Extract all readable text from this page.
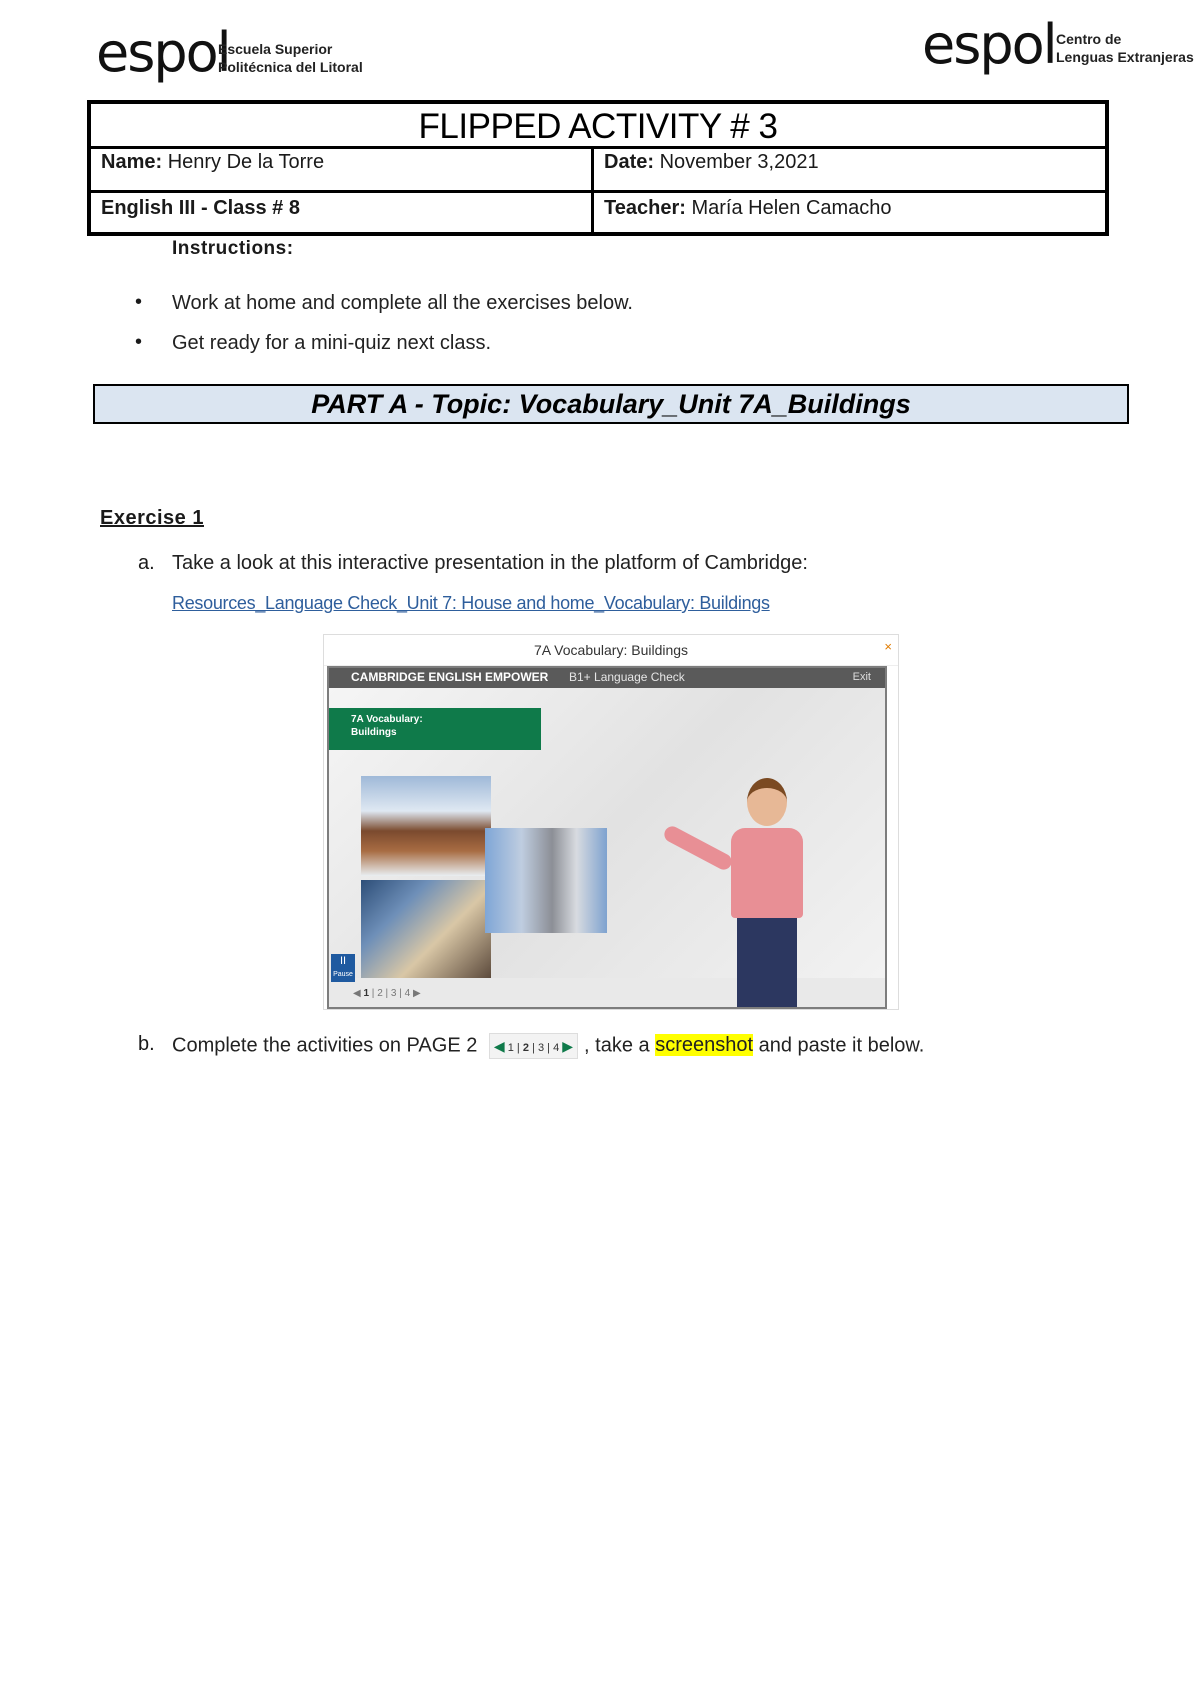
espol
Escuela Superior
Politécnica del Litoral	espol Centro de
Lenguas Extranjeras
FLIPPED ACTIVITY # 3
Name: Henry De la Torre	Date: November 3,2021
English III - Class # 8	Teacher: María Helen Camacho
Instructions:
• Work at home and complete all the exercises below.
• Get ready for a mini-quiz next class.
PART A - Topic: Vocabulary_Unit 7A_Buildings
Exercise 1
a. Take a look at this interactive presentation in the platform of Cambridge:
Resources_Language Check_Unit 7: House and home_Vocabulary: Buildings
7A Vocabulary: Buildings	×
CAMBRIDGE ENGLISH EMPOWER B1+ Language Check	Exit
7A Vocabulary:
Buildings
II
Pause
◀ 1 | 2 | 3 | 4 ▶
b. Complete the activities on PAGE 2 ◀ 1 | 2 | 3 | 4 ▶ , take a screenshot and paste it below.
